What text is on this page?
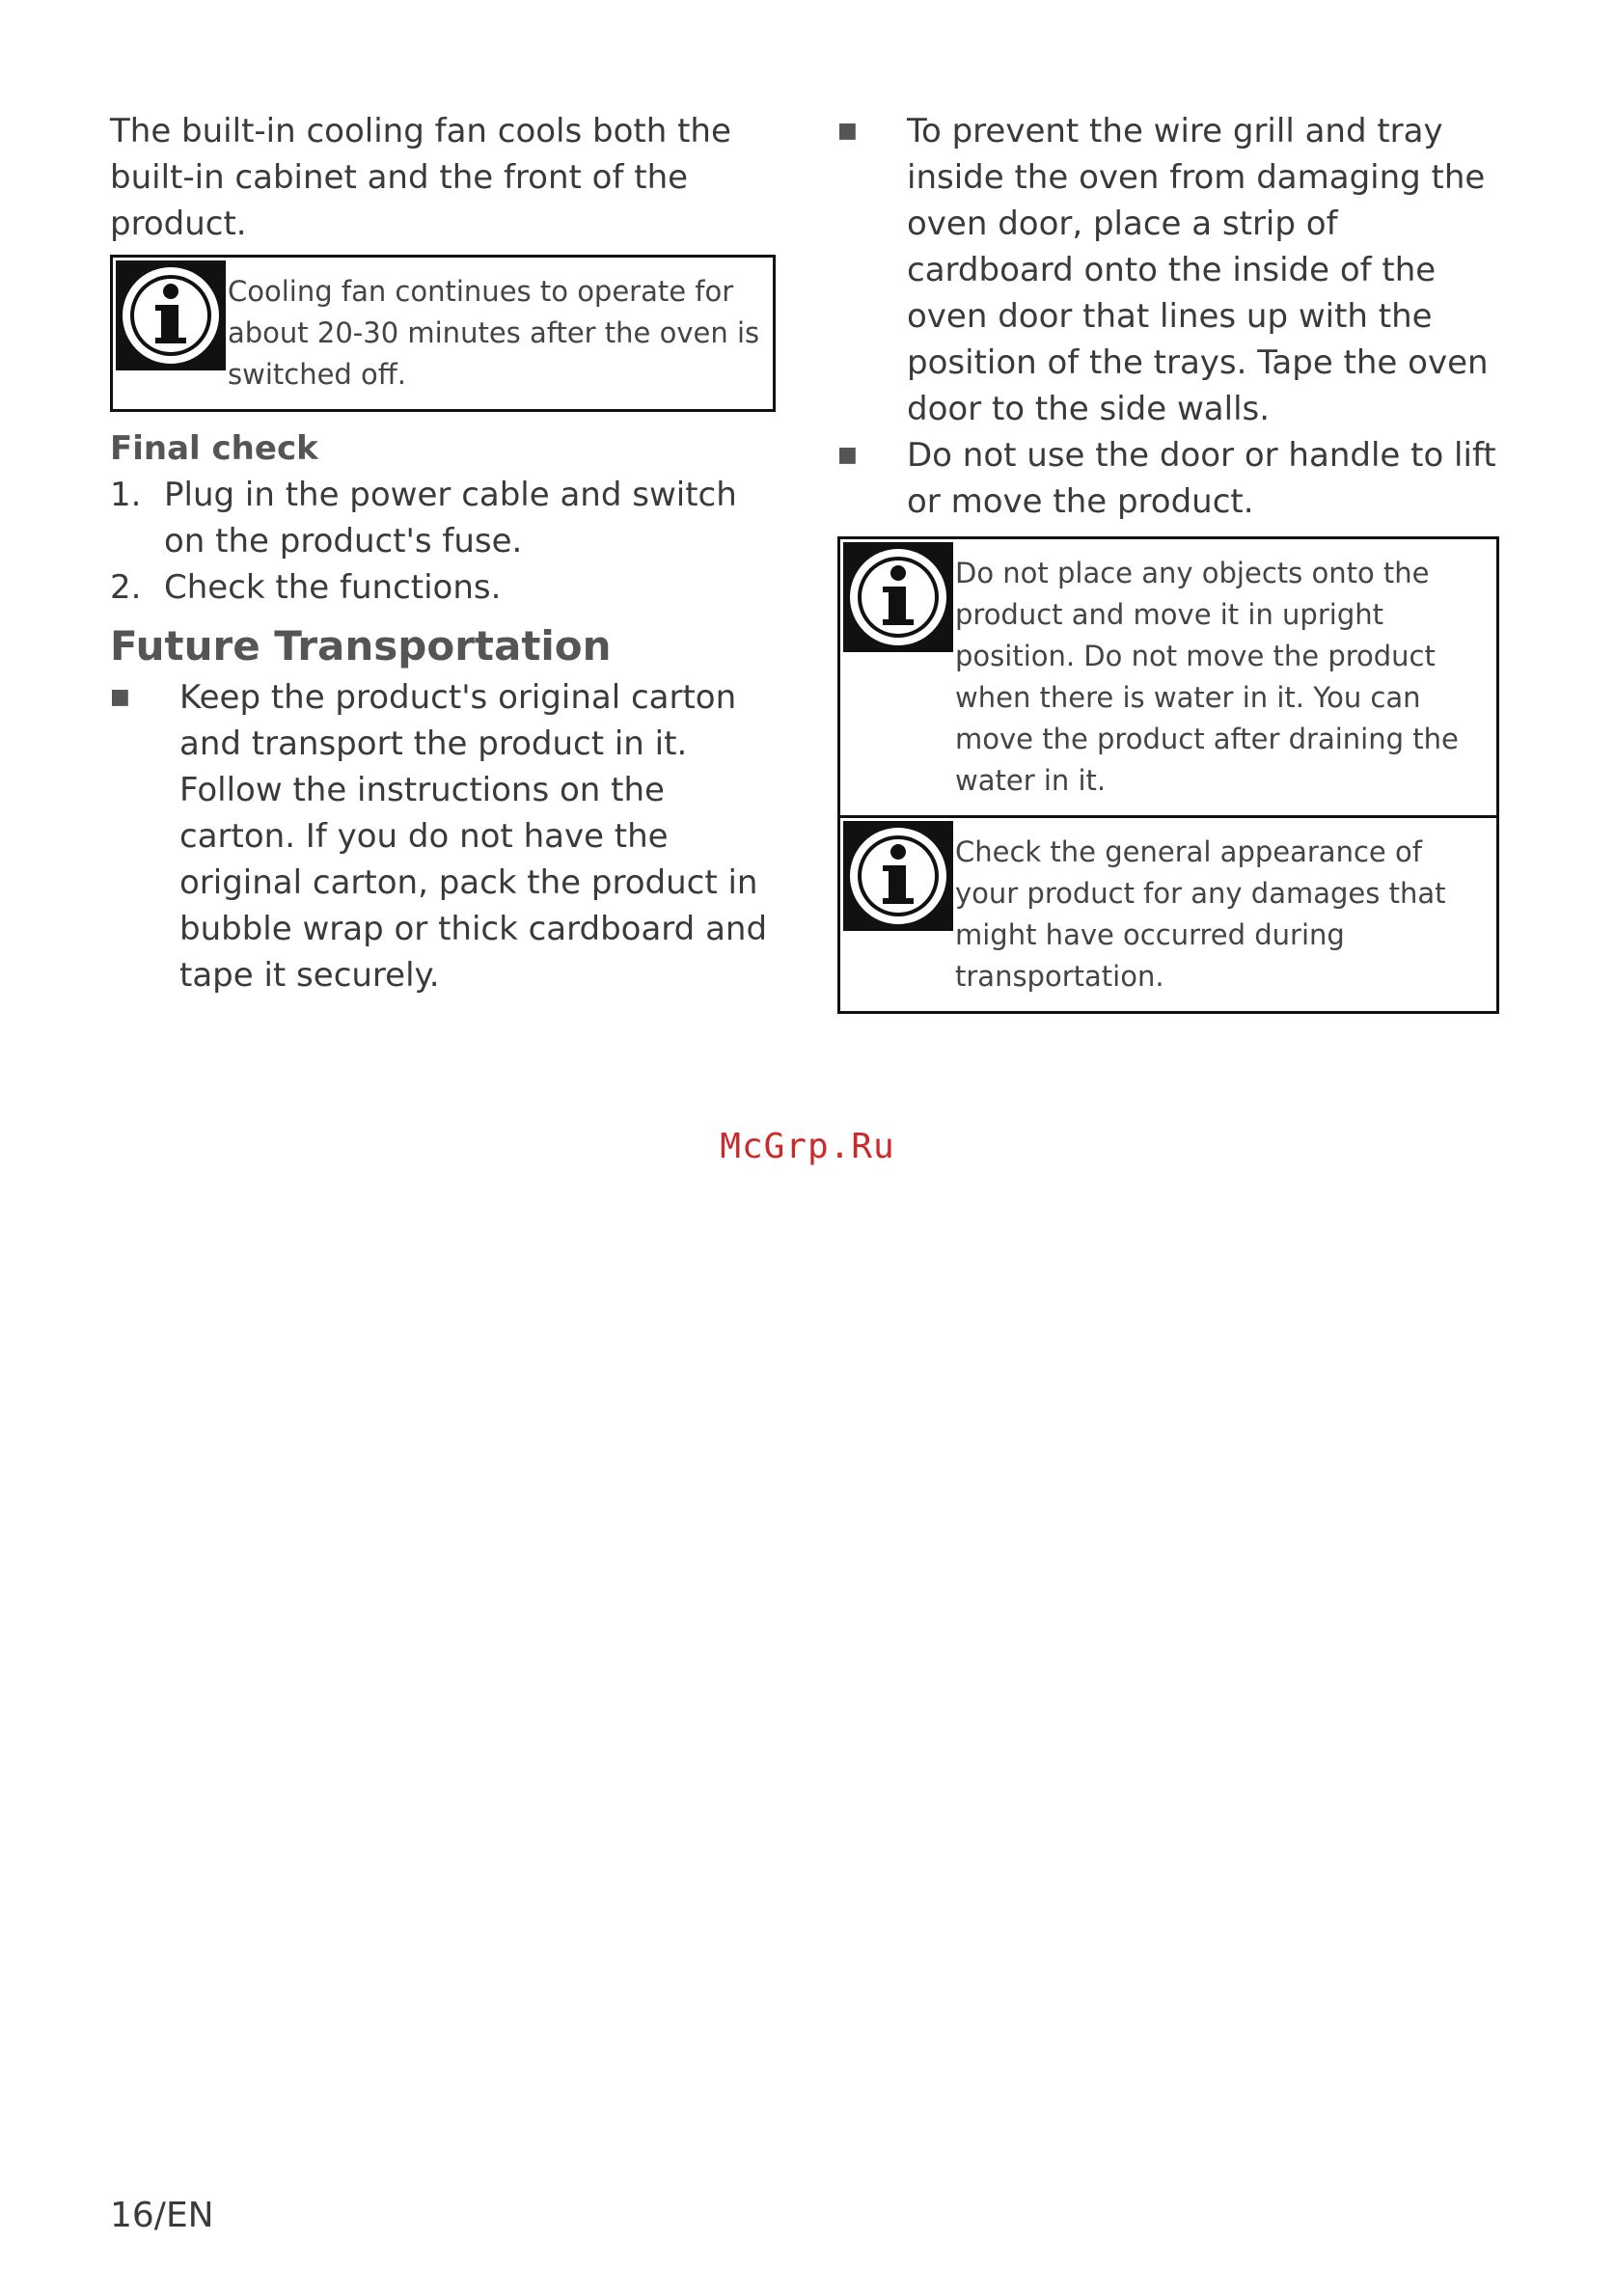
The built-in cooling fan cools both the built-in cabinet and the front of the product.

Cooling fan continues to operate for about 20-30 minutes after the oven is switched off.

Final check
1. Plug in the power cable and switch on the product's fuse.
2. Check the functions.
Future Transportation
■	Keep the product's original carton and transport the product in it. Follow the instructions on the carton. If you do not have the original carton, pack the product in bubble wrap or thick cardboard and tape it securely.
■	To prevent the wire grill and tray inside the oven from damaging the oven door, place a strip of cardboard onto the inside of the oven door that lines up with the position of the trays. Tape the oven door to the side walls.
■	Do not use the door or handle to lift or move the product.

Do not place any objects onto the product and move it in upright position. Do not move the product when there is water in it. You can move the product after draining the water in it.

Check the general appearance of your product for any damages that might have occurred during transportation.

McGrp.Ru
16/EN
